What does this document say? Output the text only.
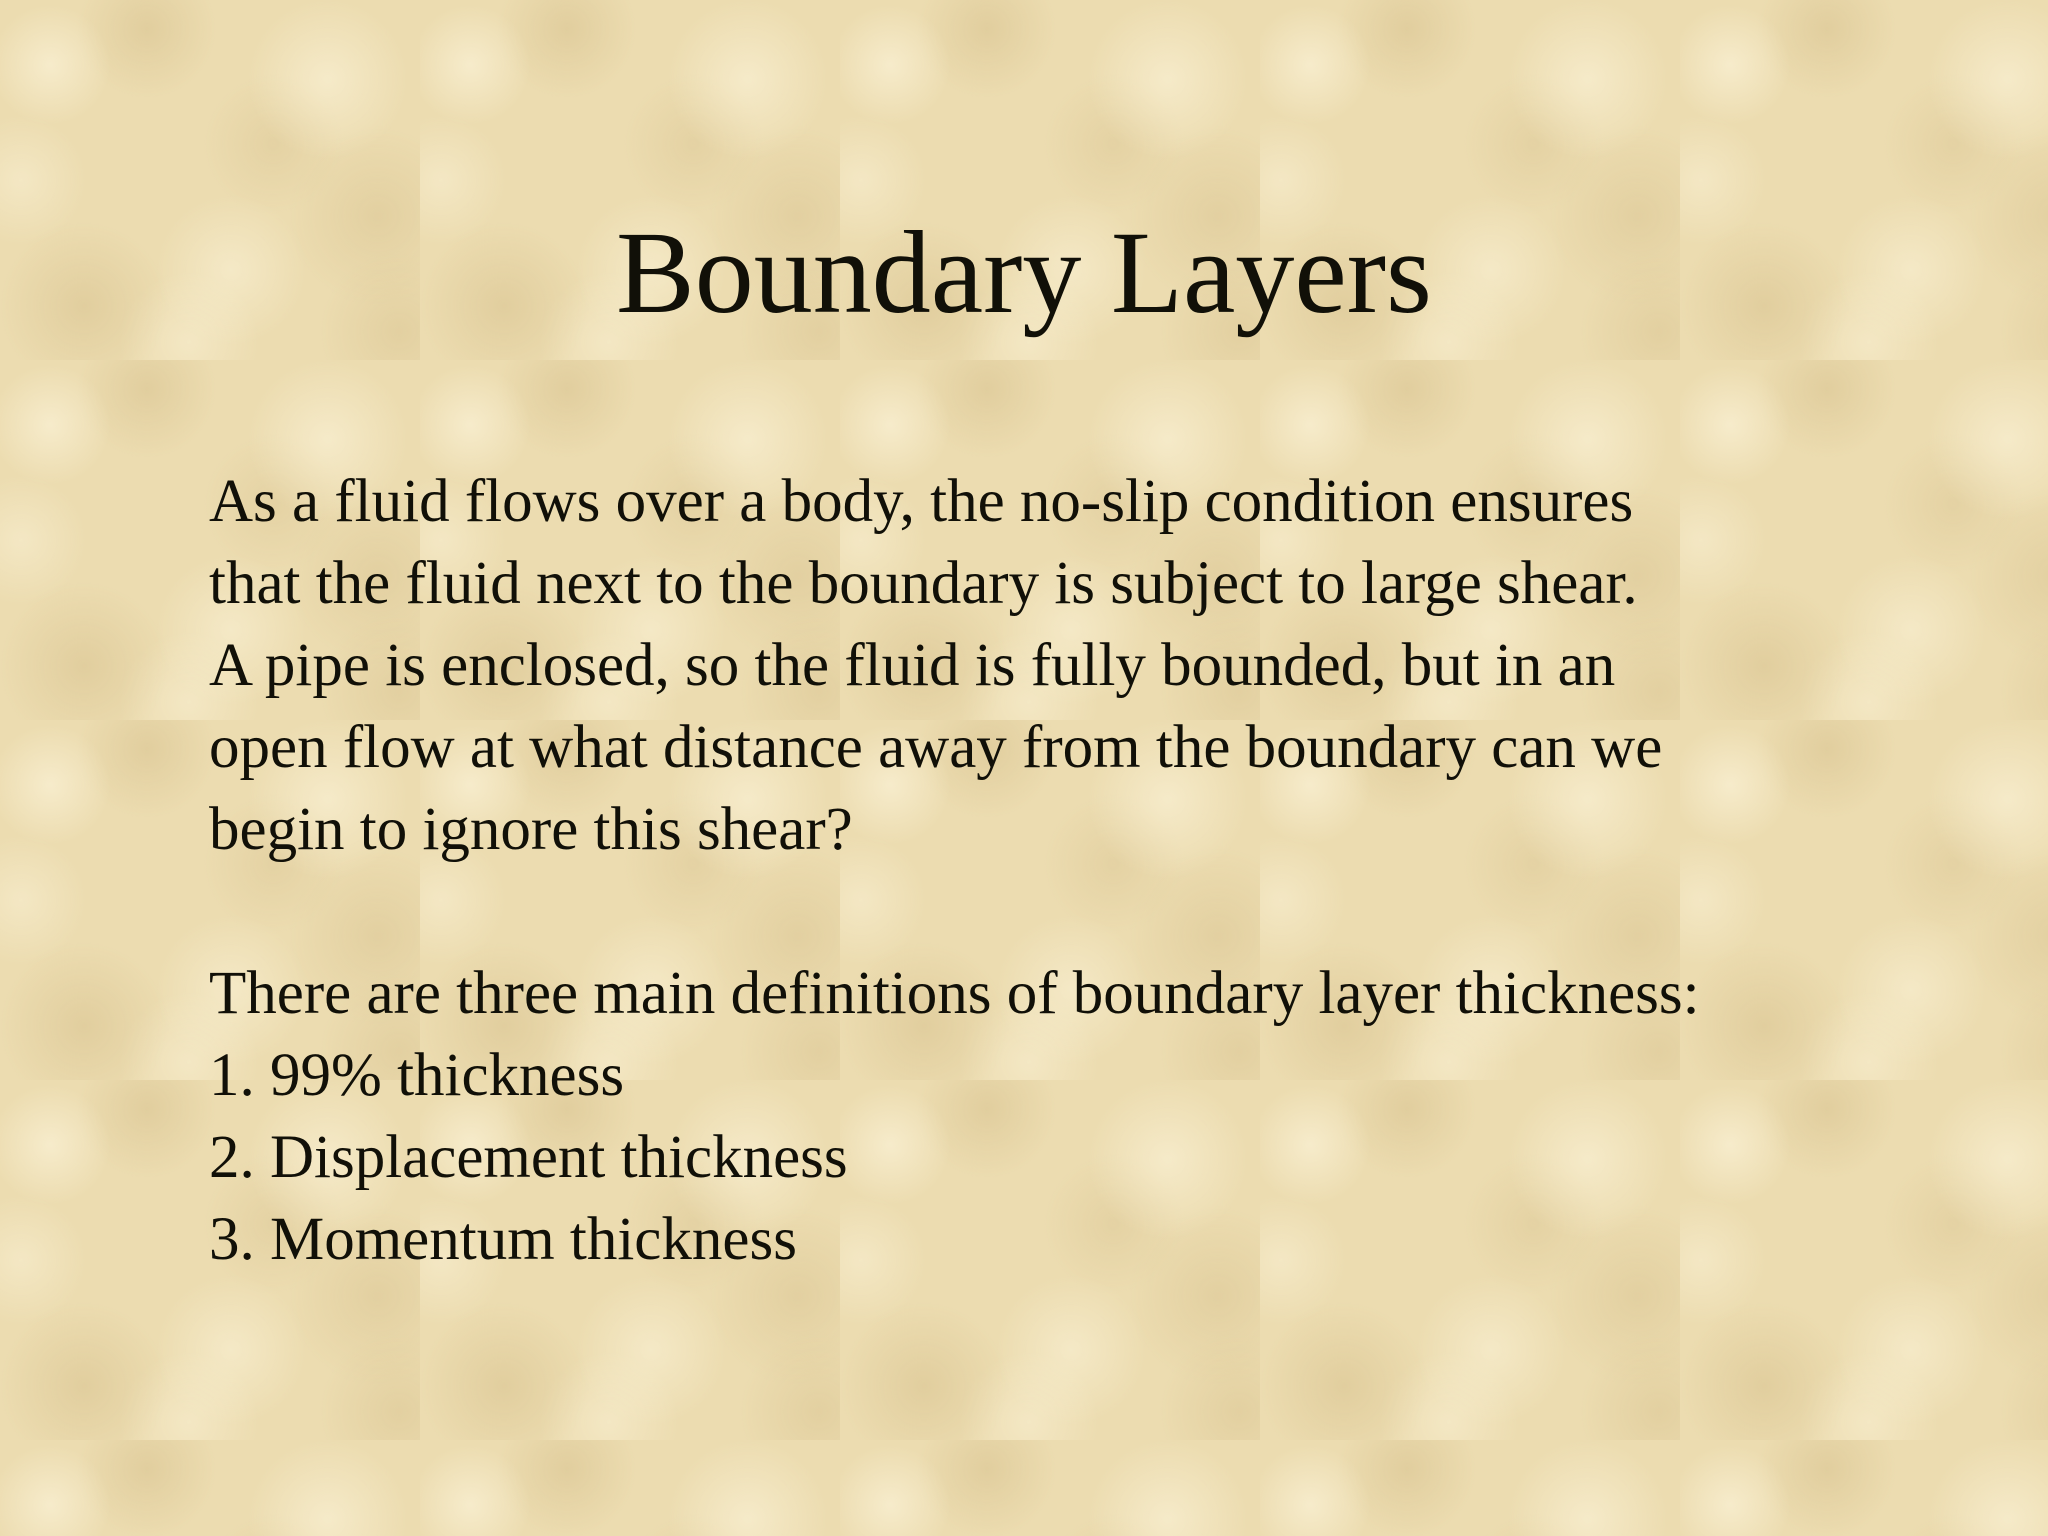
Boundary Layers

As a fluid flows over a body, the no-slip condition ensures
that the fluid next to the boundary is subject to large shear.
A pipe is enclosed, so the fluid is fully bounded, but in an
open flow at what distance away from the boundary can we
begin to ignore this shear?

There are three main definitions of boundary layer thickness:

1. 99% thickness
2. Displacement thickness
3. Momentum thickness
